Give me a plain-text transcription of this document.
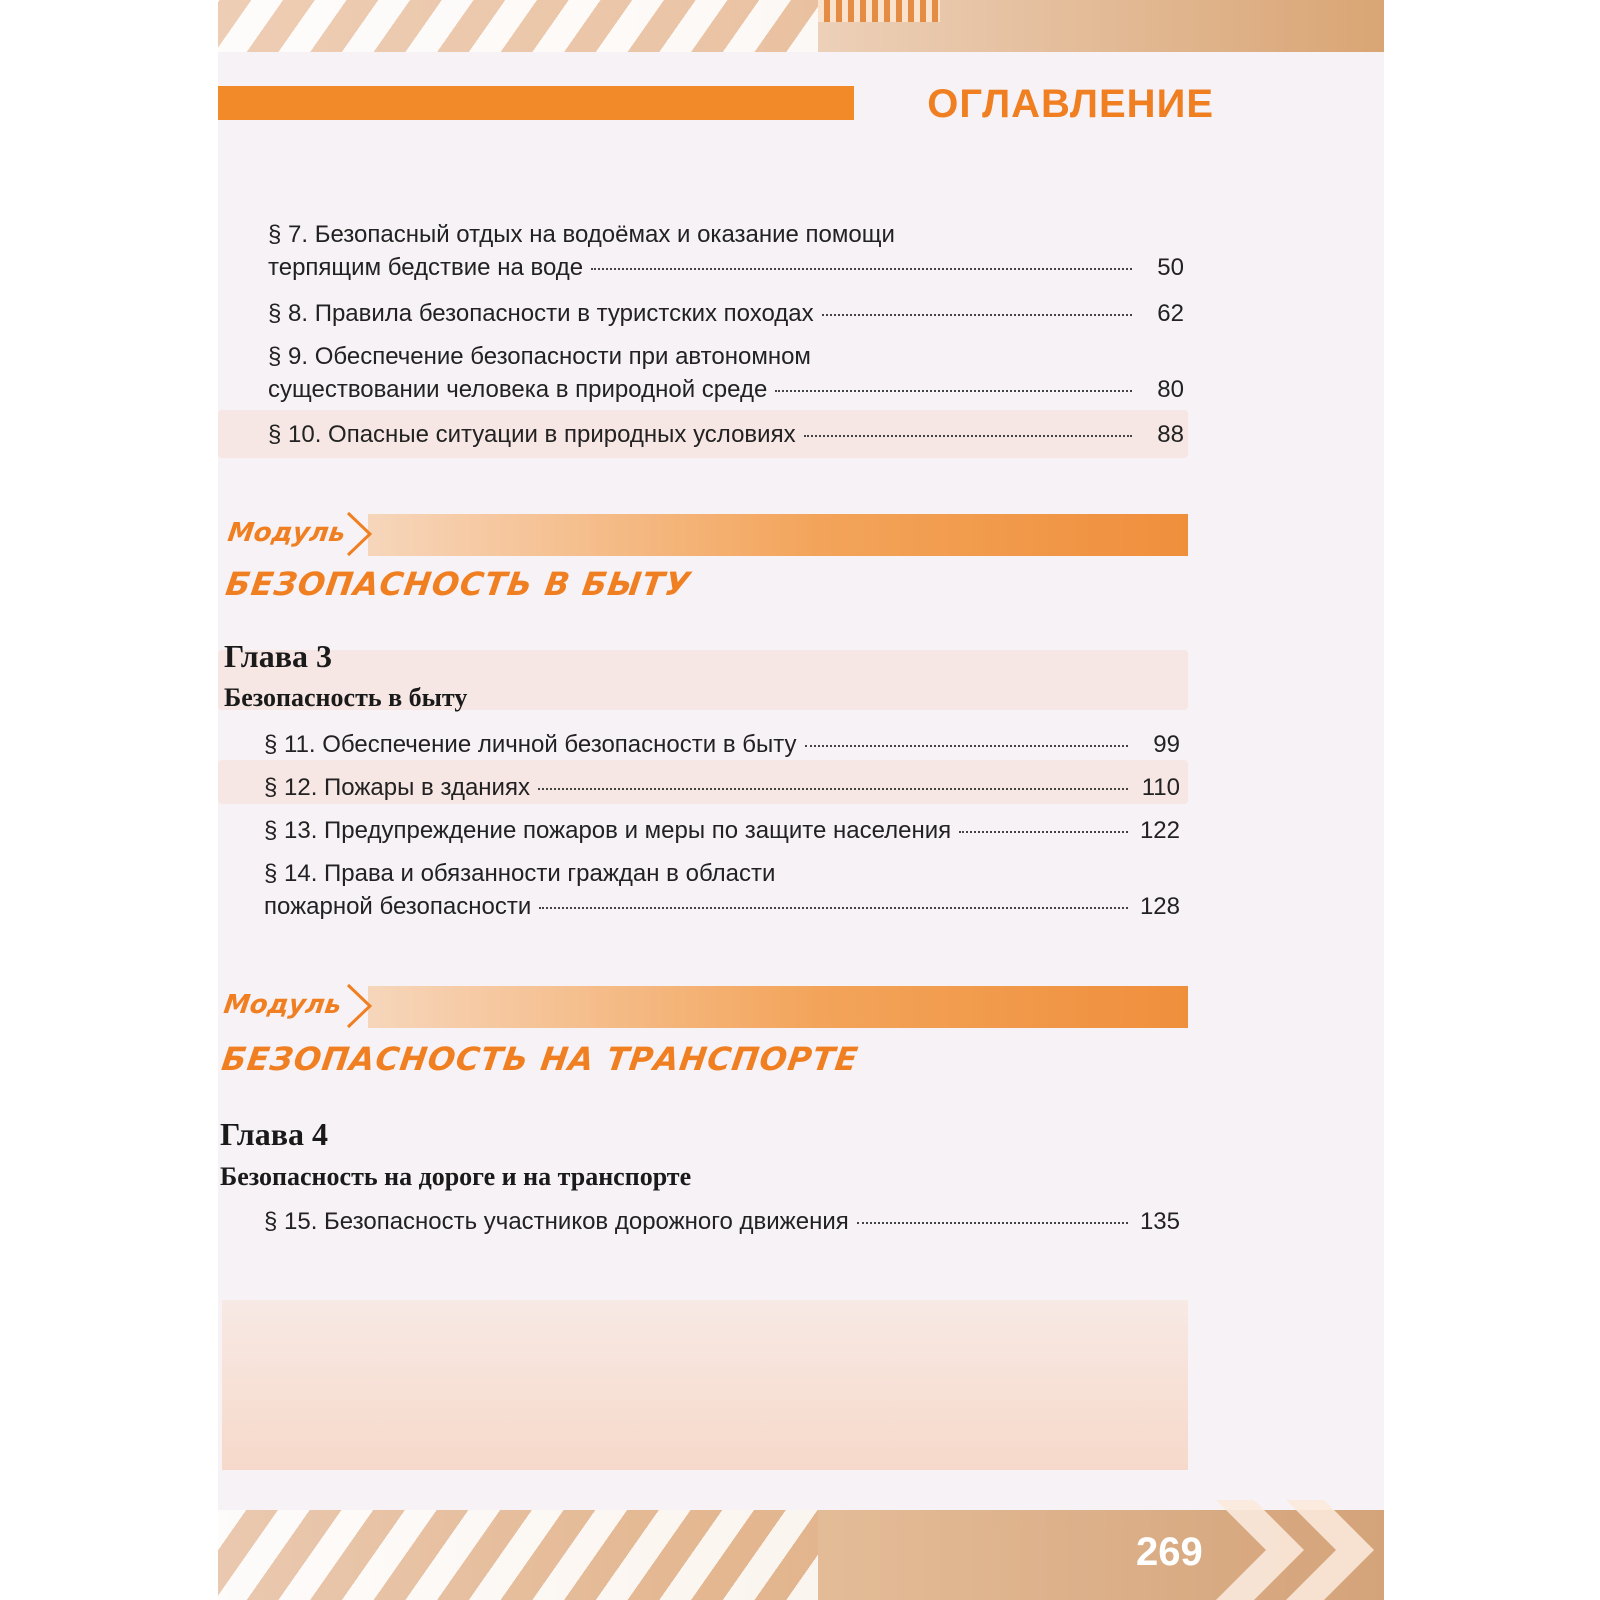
ОГЛАВЛЕНИЕ
§ 7. Безопасный отдых на водоёмах и оказание помощи
терпящим бедствие на воде	50
§ 8. Правила безопасности в туристских походах	62
§ 9. Обеспечение безопасности при автономном
существовании человека в природной среде	80
§ 10. Опасные ситуации в природных условиях	88
Модуль
БЕЗОПАСНОСТЬ В БЫТУ
Глава 3
Безопасность в быту
§ 11. Обеспечение личной безопасности в быту	99
§ 12. Пожары в зданиях	110
§ 13. Предупреждение пожаров и меры по защите населения	122
§ 14. Права и обязанности граждан в области
пожарной безопасности	128
Модуль
БЕЗОПАСНОСТЬ НА ТРАНСПОРТЕ
Глава 4
Безопасность на дороге и на транспорте
§ 15. Безопасность участников дорожного движения	135
269
